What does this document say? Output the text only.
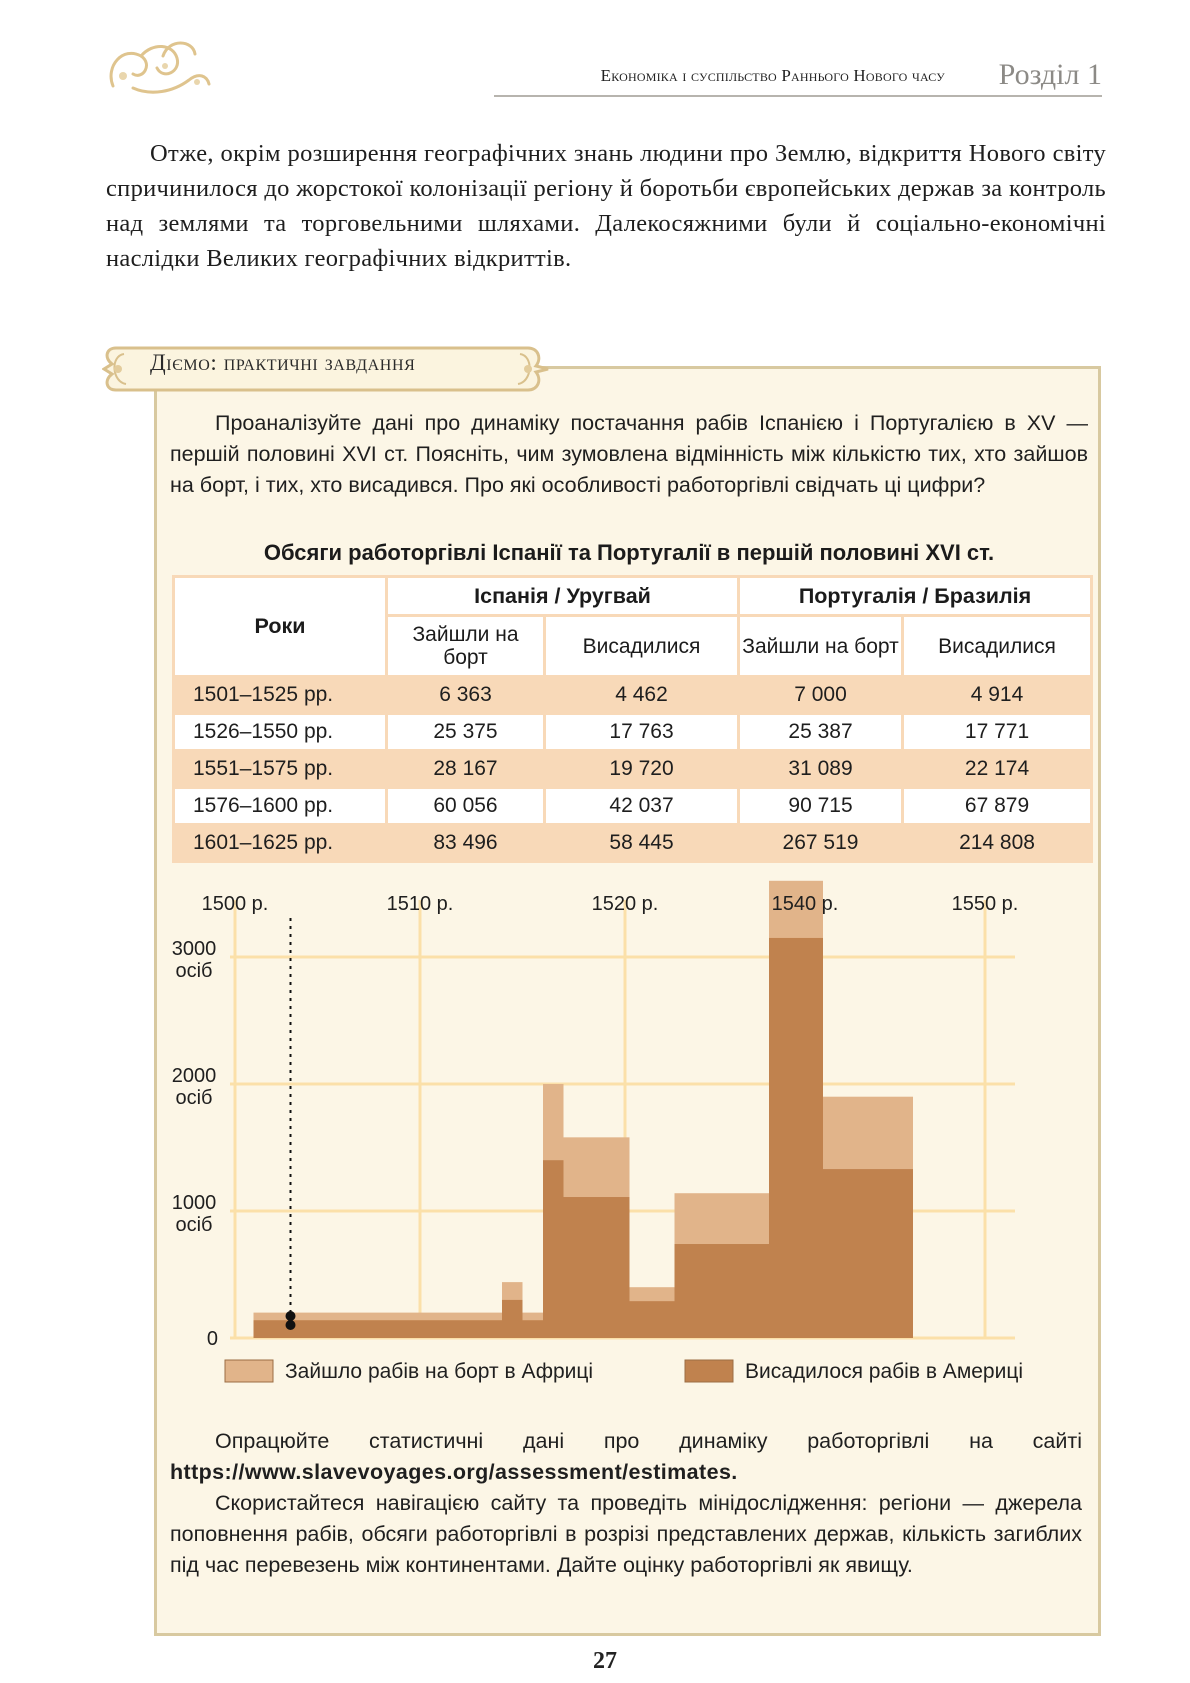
Економіка і суспільство Раннього Нового часу	Розділ 1

Отже, окрім розширення географічних знань людини про Землю, відкриття Нового світу спричинилося до жорстокої колонізації регіону й боротьби європейських держав за контроль над землями та торговельними шляхами. Далекосяжними були й соціально-економічні наслідки Великих географічних відкриттів.

Діємо: практичні завдання

Проаналізуйте дані про динаміку постачання рабів Іспанією і Португалією в XV — першій половині XVI ст. Поясніть, чим зумовлена відмінність між кількістю тих, хто зайшов на борт, і тих, хто висадився. Про які особливості работоргівлі свідчать ці цифри?

Обсяги работоргівлі Іспанії та Португалії в першій половині XVI ст.

Роки	Іспанія / Уругвай		Португалія / Бразилія	
	Зайшли на борт	Висадилися	Зайшли на борт	Висадилися
1501–1525 рр.	6 363	4 462	7 000	4 914
1526–1550 рр.	25 375	17 763	25 387	17 771
1551–1575 рр.	28 167	19 720	31 089	22 174
1576–1600 рр.	60 056	42 037	90 715	67 879
1601–1625 рр.	83 496	58 445	267 519	214 808
1500 р.	1510 р.	1520 р.	1540 р.	1550 р.
0
1000
осіб
2000
осіб
3000
осіб
Зайшло рабів на борт в Африці	Висадилося рабів в Америці
Опрацюйте статистичні дані про динаміку работоргівлі на сайті
https://www.slavevoyages.org/assessment/estimates.
Скористайтеся навігацією сайту та проведіть мінідослідження: регіони — джерела поповнення рабів, обсяги работоргівлі в розрізі представлених держав, кількість загиблих під час перевезень між континентами. Дайте оцінку работоргівлі як явищу.
27
